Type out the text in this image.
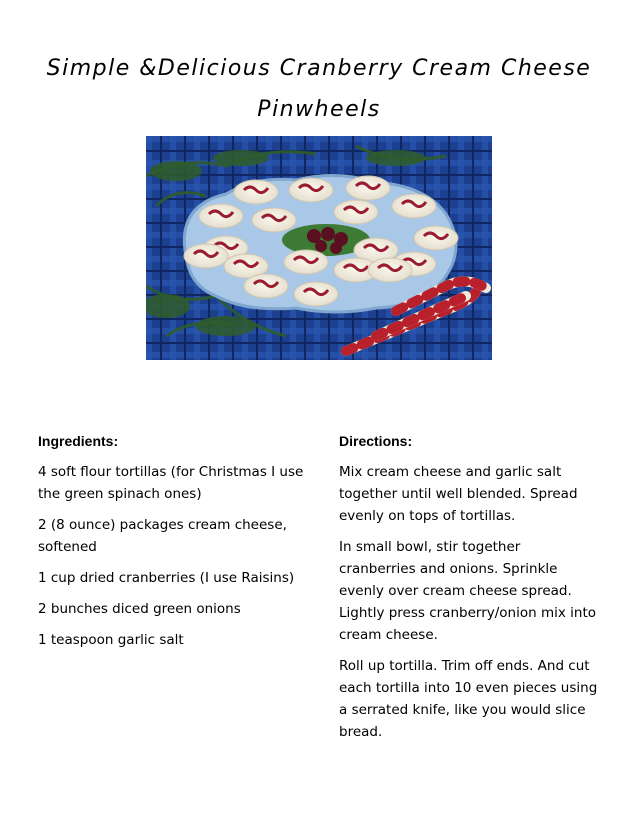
Simple &Delicious Cranberry Cream Cheese Pinwheels
Ingredients:
4 soft flour tortillas (for Christmas I use the green spinach ones)
2 (8 ounce) packages cream cheese, softened
1 cup dried cranberries (I use Raisins)
2 bunches diced green onions
1 teaspoon garlic salt
Directions:
Mix cream cheese and garlic salt together until well blended. Spread evenly on tops of tortillas.
In small bowl, stir together cranberries and onions. Sprinkle evenly over cream cheese spread. Lightly press cranberry/onion mix into cream cheese.
Roll up tortilla. Trim off ends. And cut each tortilla into 10 even pieces using a serrated knife, like you would slice bread.
